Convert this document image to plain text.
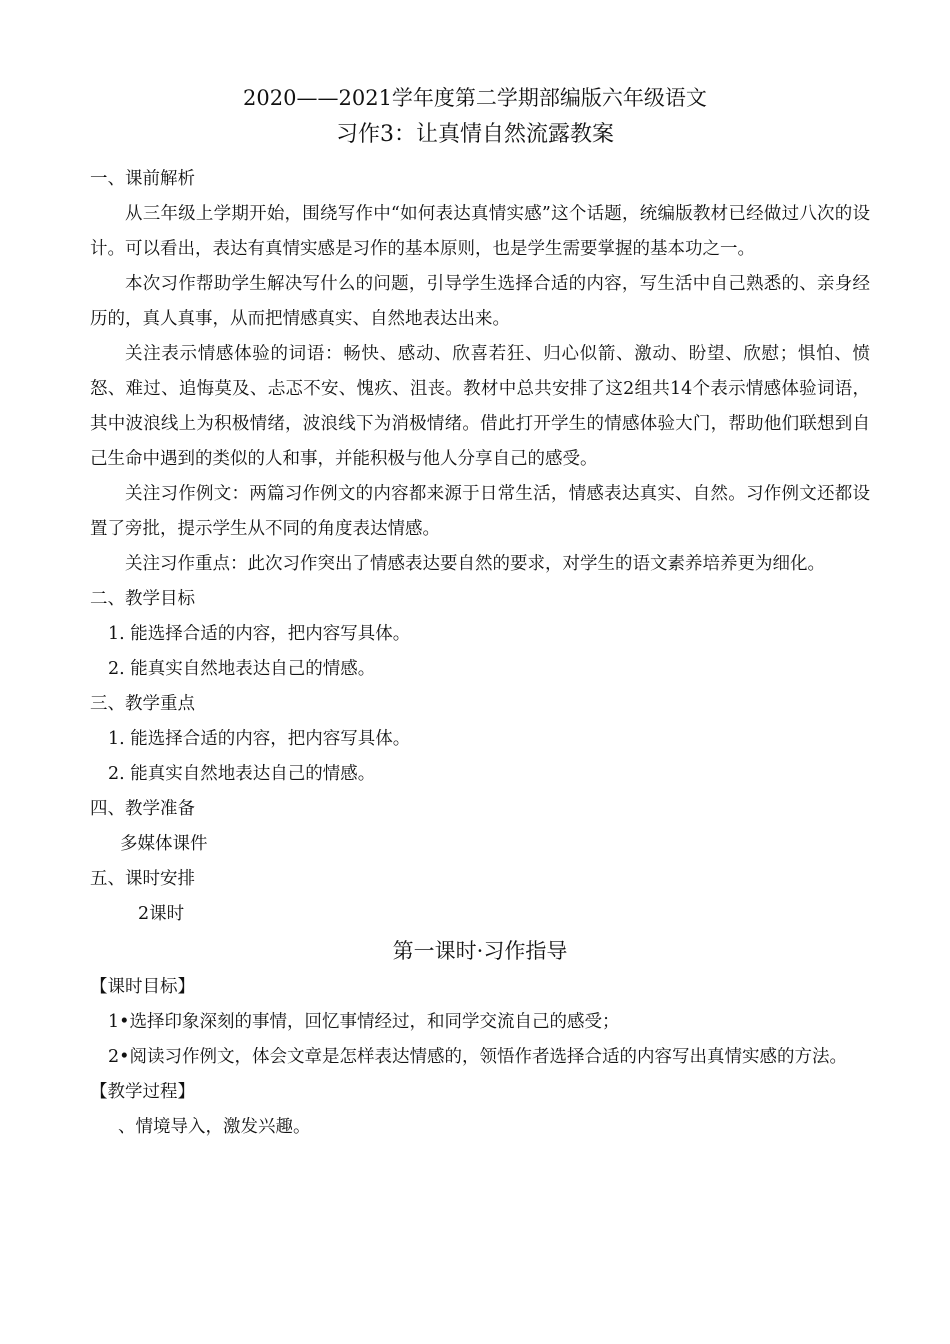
2020——2021学年度第二学期部编版六年级语文
习作3：让真情自然流露教案

一、课前解析

从三年级上学期开始，围绕写作中“如何表达真情实感”这个话题，统编版教材已经做过八次的设计。可以看出，表达有真情实感是习作的基本原则，也是学生需要掌握的基本功之一。

本次习作帮助学生解决写什么的问题，引导学生选择合适的内容，写生活中自己熟悉的、亲身经历的，真人真事，从而把情感真实、自然地表达出来。

关注表示情感体验的词语：畅快、感动、欣喜若狂、归心似箭、激动、盼望、欣慰；惧怕、愤怒、难过、追悔莫及、忐忑不安、愧疚、沮丧。教材中总共安排了这2组共14个表示情感体验词语，其中波浪线上为积极情绪，波浪线下为消极情绪。借此打开学生的情感体验大门，帮助他们联想到自己生命中遇到的类似的人和事，并能积极与他人分享自己的感受。

关注习作例文：两篇习作例文的内容都来源于日常生活，情感表达真实、自然。习作例文还都设置了旁批，提示学生从不同的角度表达情感。

关注习作重点：此次习作突出了情感表达要自然的要求，对学生的语文素养培养更为细化。

二、教学目标

1. 能选择合适的内容，把内容写具体。

2. 能真实自然地表达自己的情感。

三、教学重点

1. 能选择合适的内容，把内容写具体。

2. 能真实自然地表达自己的情感。

四、教学准备

多媒体课件

五、课时安排

2课时

第一课时·习作指导

【课时目标】

1•选择印象深刻的事情，回忆事情经过，和同学交流自己的感受；

2•阅读习作例文，体会文章是怎样表达情感的，领悟作者选择合适的内容写出真情实感的方法。

【教学过程】

、情境导入，激发兴趣。
